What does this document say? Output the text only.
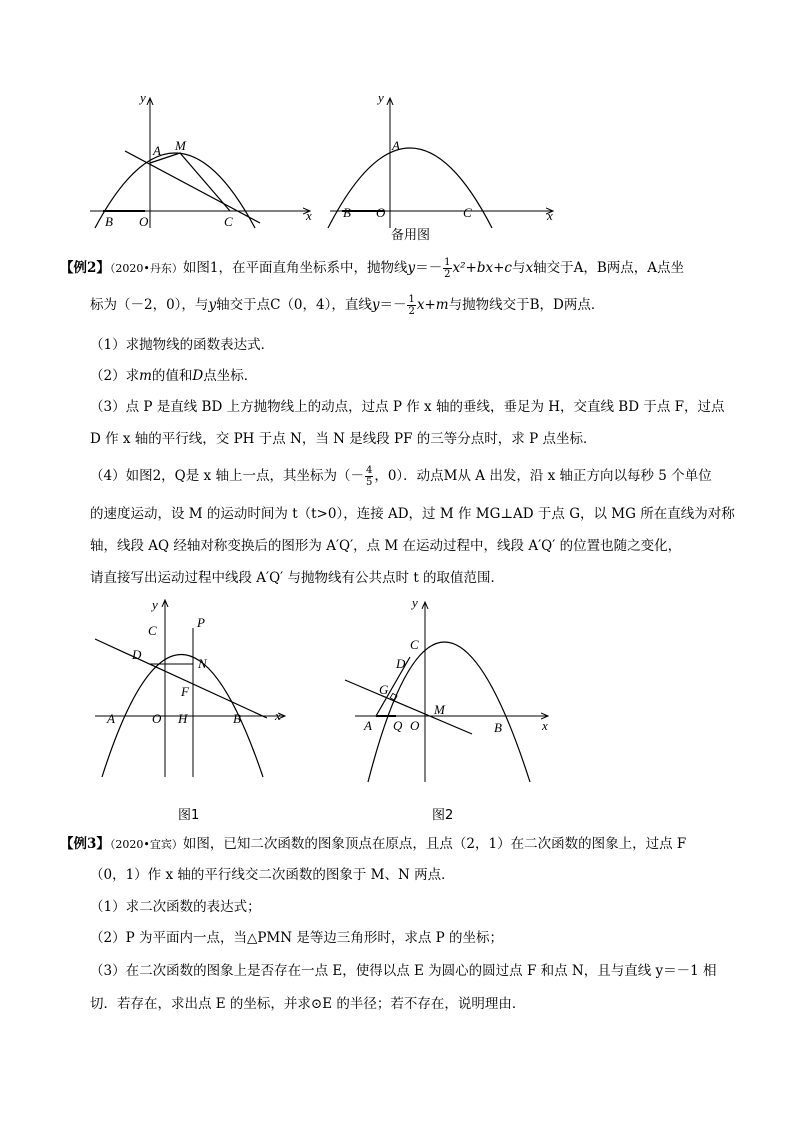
y
x
A M
B O	C
y
x
A
B O	C
备用图
【例2】（2020•丹东）如图1，在平面直角坐标系中，抛物线$y=- \frac{1}{2} x^2+bx+c$与x轴交于A，B两点，A点坐
标为（－2，0），与y轴交于点C（0，4），直线$y=- \frac{1}{2} x+m$与抛物线交于B，D两点．
（1）求抛物线的函数表达式．
（2）求m的值和D点坐标．
（3）点 P 是直线 BD 上方抛物线上的动点，过点 P 作 x 轴的垂线，垂足为 H，交直线 BD 于点 F，过点
D 作 x 轴的平行线，交 PH 于点 N，当 N 是线段 PF 的三等分点时，求 P 点坐标．
（4）如图2，Q是 x 轴上一点，其坐标为（－ $\frac{4}{5}$ ，0）．动点M从 A 出发，沿 x 轴正方向以每秒 5 个单位
的速度运动，设 M 的运动时间为 t（t>0），连接 AD，过 M 作 MG⊥AD 于点 G，以 MG 所在直线为对称
轴，线段 AQ 经轴对称变换后的图形为 A′Q′，点 M 在运动过程中，线段 A′Q′ 的位置也随之变化，
请直接写出运动过程中线段 A′Q′ 与抛物线有公共点时 t 的取值范围．
y
x
C
P
D
N
F
A	O H	B
图1
y
x
C
D
G
M
A Q O	B
图2
【例3】（2020•宜宾）如图，已知二次函数的图象顶点在原点，且点（2，1）在二次函数的图象上，过点 F
（0，1）作 x 轴的平行线交二次函数的图象于 M、N 两点．
（1）求二次函数的表达式；
（2）P 为平面内一点，当△PMN 是等边三角形时，求点 P 的坐标；
（3）在二次函数的图象上是否存在一点 E，使得以点 E 为圆心的圆过点 F 和点 N，且与直线 y＝－1 相
切．若存在，求出点 E 的坐标，并求⊙E 的半径；若不存在，说明理由．
